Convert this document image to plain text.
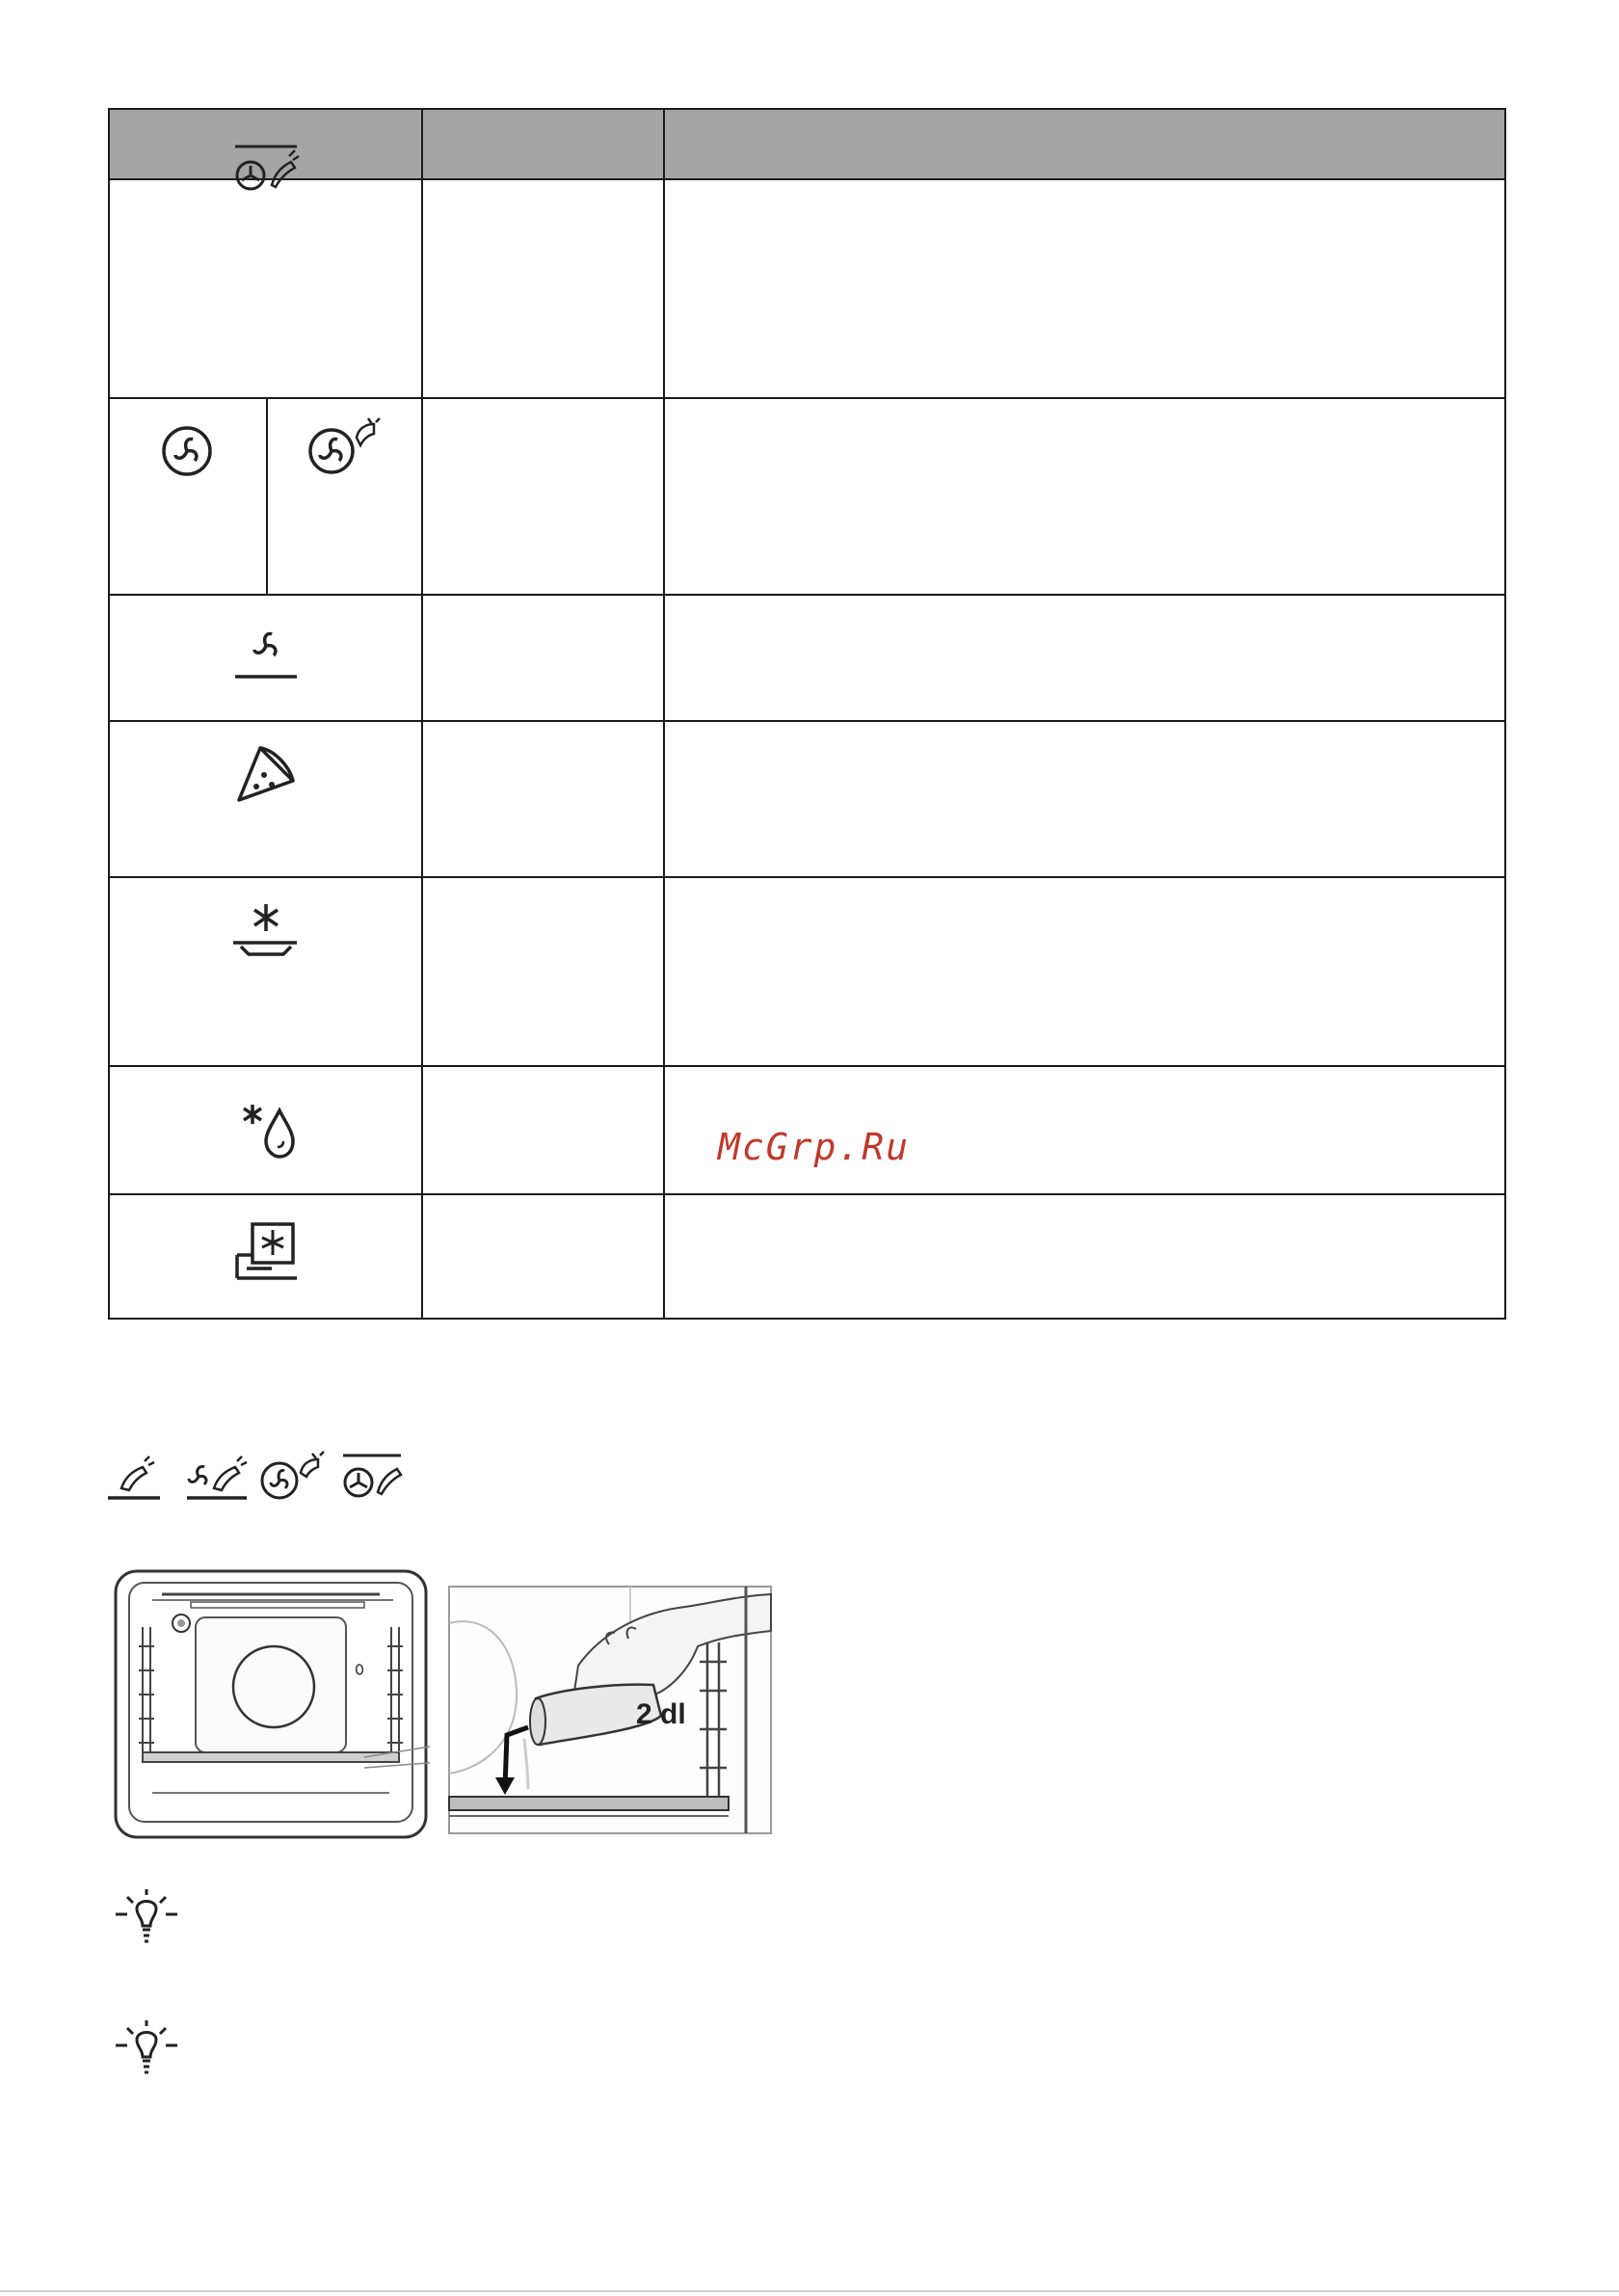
McGrp.Ru
2 dl
